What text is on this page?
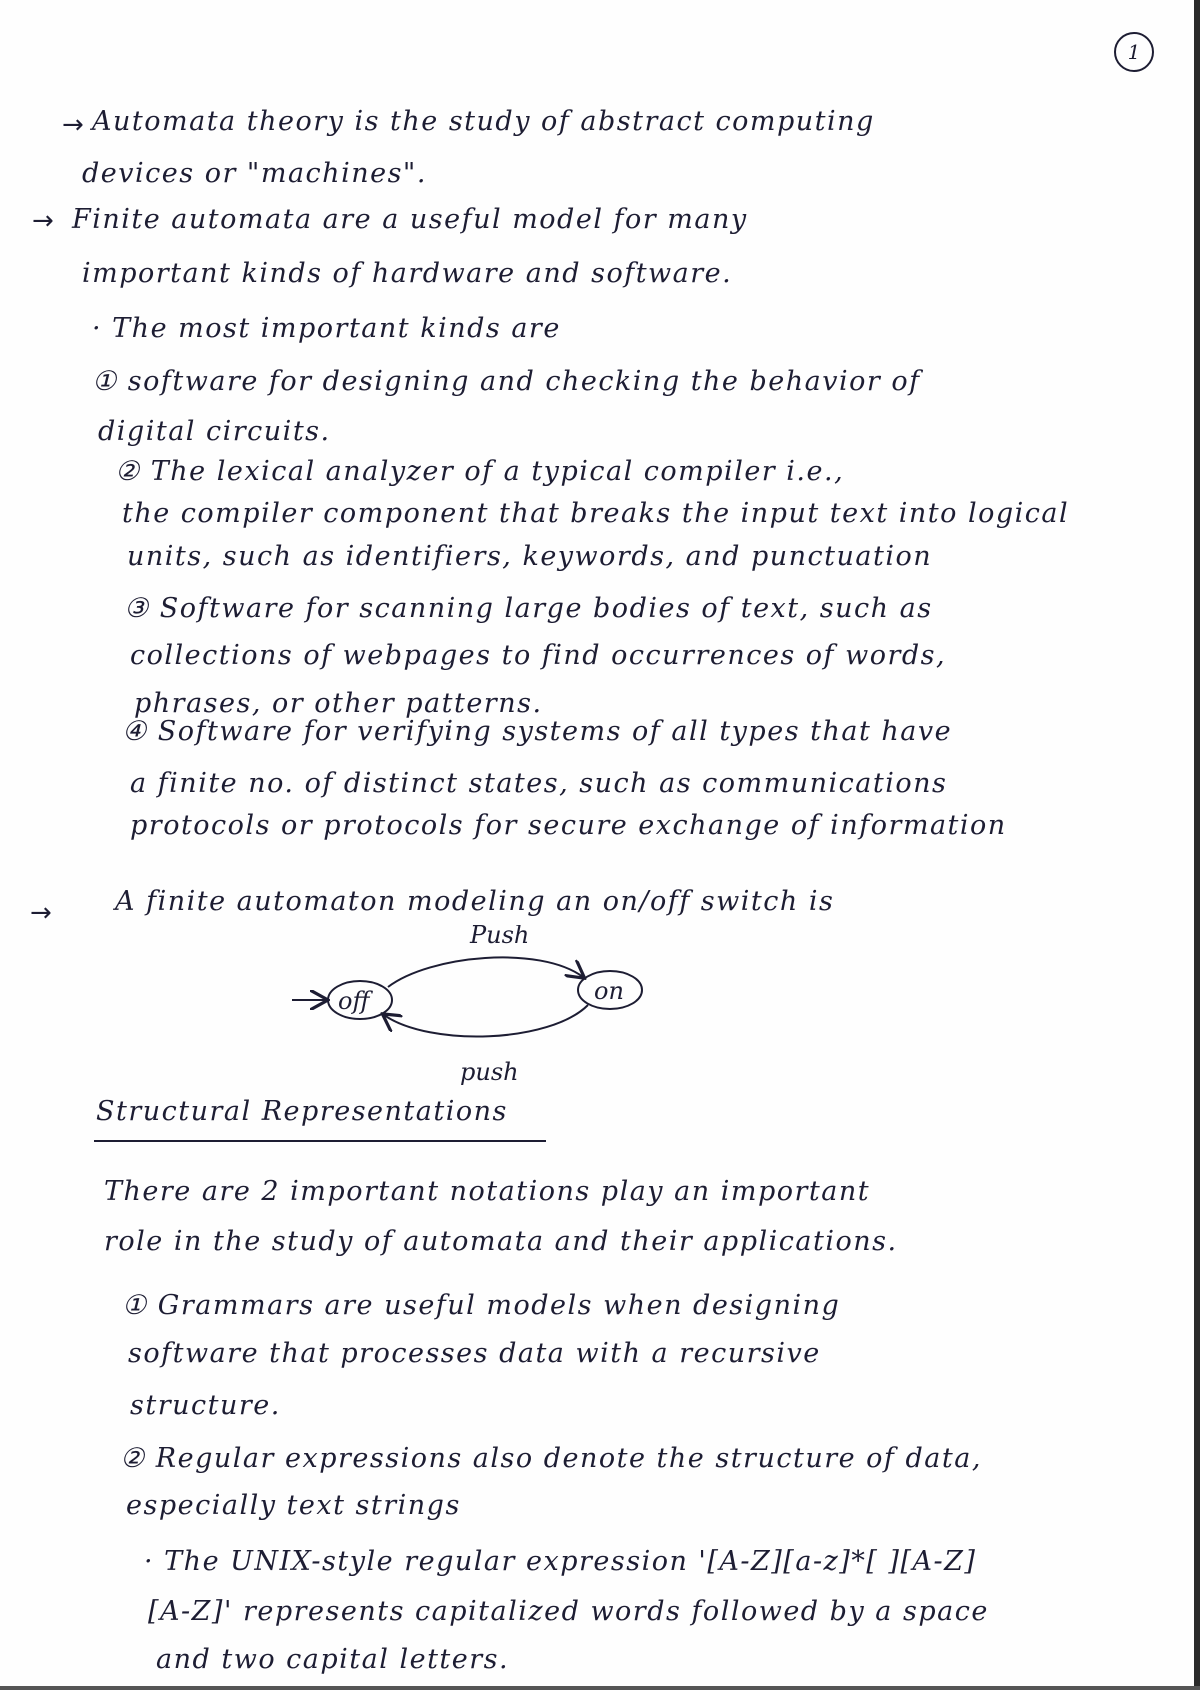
1
→ Automata theory is the study of abstract computing
devices or "machines".
→ Finite automata are a useful model for many
important kinds of hardware and software.
· The most important kinds are
① software for designing and checking the behavior of
digital circuits.
② The lexical analyzer of a typical compiler i.e.,
the compiler component that breaks the input text into logical
units, such as identifiers, keywords, and punctuation
③ Software for scanning large bodies of text, such as
collections of webpages to find occurrences of words,
phrases, or other patterns.
④ Software for verifying systems of all types that have
a finite no. of distinct states, such as communications
protocols or protocols for secure exchange of information
→ A finite automaton modeling an on/off switch is
off	on
Push
push
Structural Representations
There are 2 important notations play an important
role in the study of automata and their applications.
① Grammars are useful models when designing
software that processes data with a recursive
structure.
② Regular expressions also denote the structure of data,
especially text strings
· The UNIX-style regular expression '[A-Z][a-z]*[ ][A-Z]
[A-Z]' represents capitalized words followed by a space
and two capital letters.
